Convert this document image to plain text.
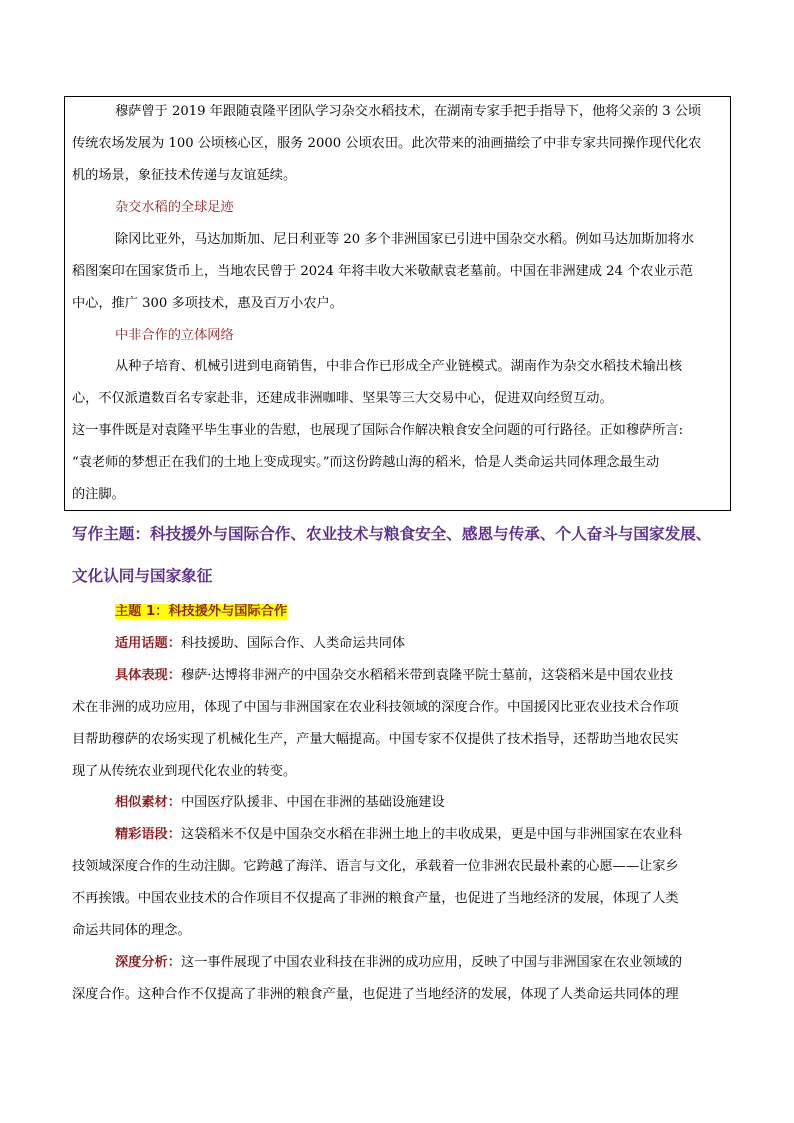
穆萨曾于 2019 年跟随袁隆平团队学习杂交水稻技术，在湖南专家手把手指导下，他将父亲的 3 公顷
传统农场发展为 100 公顷核心区，服务 2000 公顷农田。此次带来的油画描绘了中非专家共同操作现代化农
机的场景，象征技术传递与友谊延续。
杂交水稻的全球足迹
除冈比亚外，马达加斯加、尼日利亚等 20 多个非洲国家已引进中国杂交水稻。例如马达加斯加将水
稻图案印在国家货币上，当地农民曾于 2024 年将丰收大米敬献袁老墓前。中国在非洲建成 24 个农业示范
中心，推广 300 多项技术，惠及百万小农户。
中非合作的立体网络
从种子培育、机械引进到电商销售，中非合作已形成全产业链模式。湖南作为杂交水稻技术输出核
心，不仅派遣数百名专家赴非，还建成非洲咖啡、坚果等三大交易中心，促进双向经贸互动。
这一事件既是对袁隆平毕生事业的告慰，也展现了国际合作解决粮食安全问题的可行路径。正如穆萨所言:
“袁老师的梦想正在我们的土地上变成现实。”而这份跨越山海的稻米，恰是人类命运共同体理念最生动
的注脚。
写作主题：科技援外与国际合作、农业技术与粮食安全、感恩与传承、个人奋斗与国家发展、
文化认同与国家象征
主题 1：科技援外与国际合作
适用话题：科技援助、国际合作、人类命运共同体
具体表现：穆萨·达博将非洲产的中国杂交水稻稻米带到袁隆平院士墓前，这袋稻米是中国农业技
术在非洲的成功应用，体现了中国与非洲国家在农业科技领域的深度合作。中国援冈比亚农业技术合作项
目帮助穆萨的农场实现了机械化生产，产量大幅提高。中国专家不仅提供了技术指导，还帮助当地农民实
现了从传统农业到现代化农业的转变。
相似素材：中国医疗队援非、中国在非洲的基础设施建设
精彩语段：这袋稻米不仅是中国杂交水稻在非洲土地上的丰收成果，更是中国与非洲国家在农业科
技领域深度合作的生动注脚。它跨越了海洋、语言与文化，承载着一位非洲农民最朴素的心愿——让家乡
不再挨饿。中国农业技术的合作项目不仅提高了非洲的粮食产量，也促进了当地经济的发展，体现了人类
命运共同体的理念。
深度分析：这一事件展现了中国农业科技在非洲的成功应用，反映了中国与非洲国家在农业领域的
深度合作。这种合作不仅提高了非洲的粮食产量，也促进了当地经济的发展，体现了人类命运共同体的理
